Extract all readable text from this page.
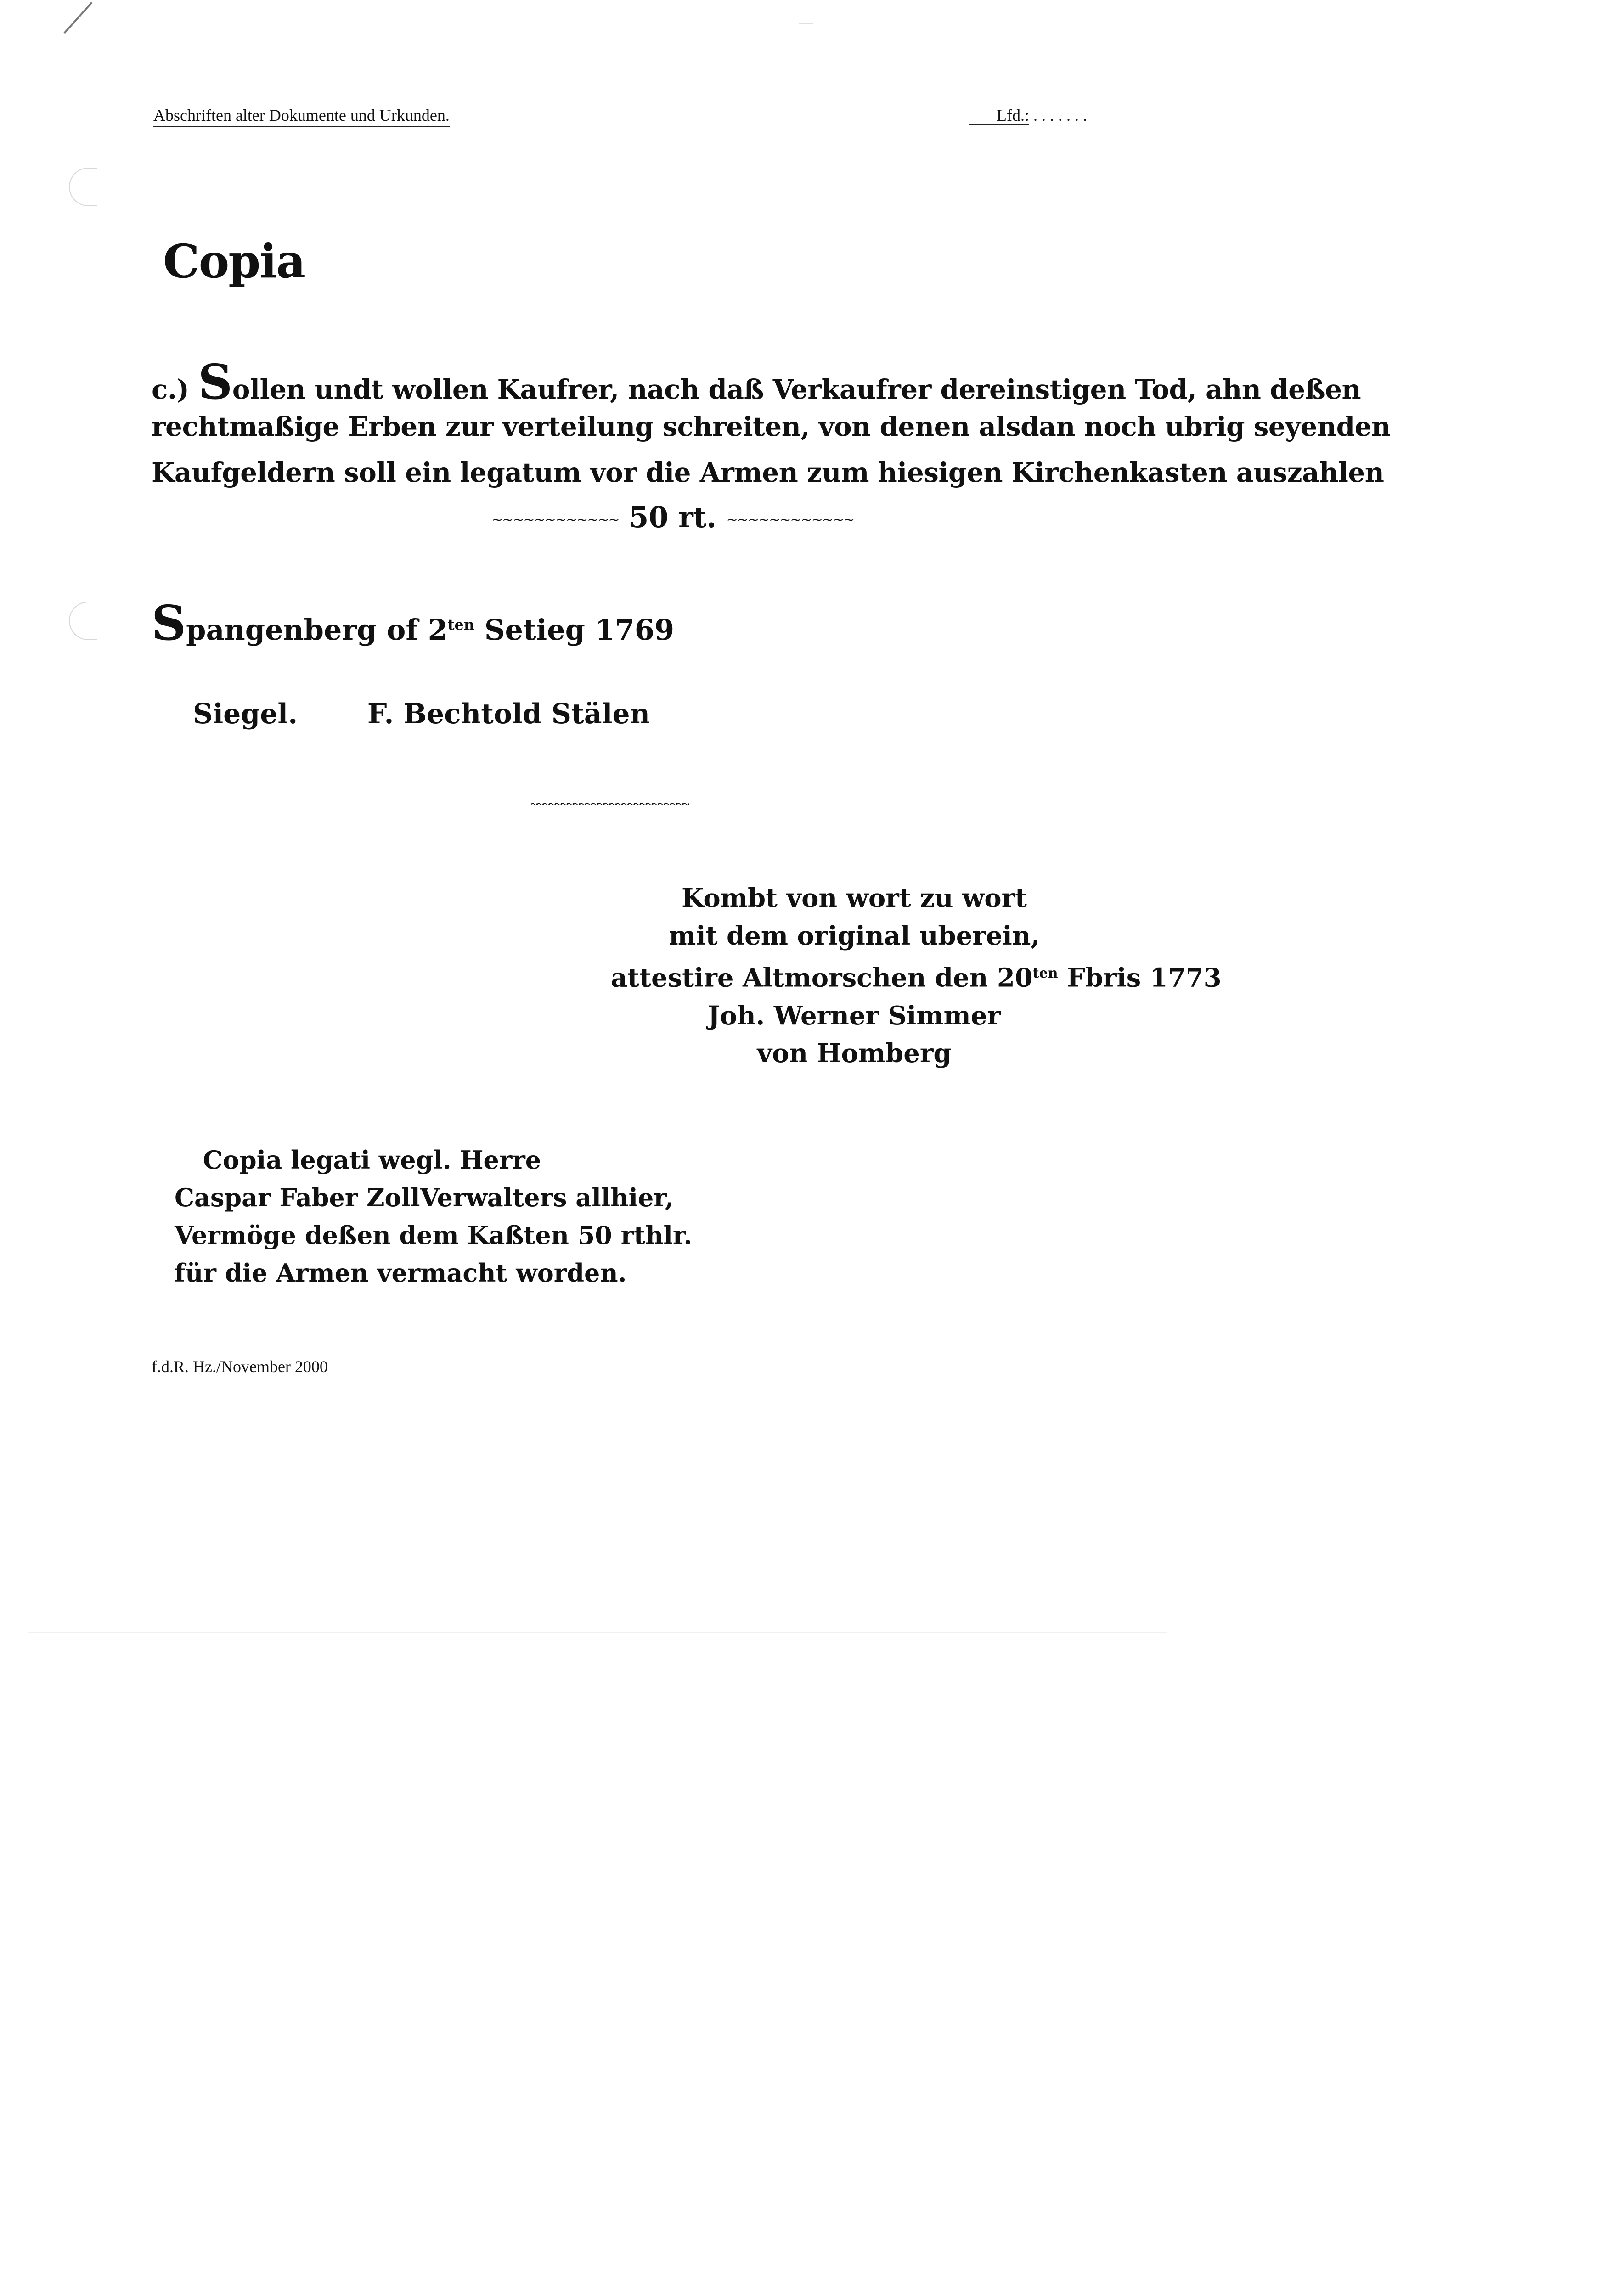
Abschriften alter Dokumente und Urkunden.	Lfd.: . . . . . . .
Copia
c.) Sollen undt wollen Kaufrer, nach daß Verkaufrer dereinstigen Tod, ahn deßen
rechtmaßige Erben zur verteilung schreiten, von denen alsdan noch ubrig seyenden
Kaufgeldern soll ein legatum vor die Armen zum hiesigen Kirchenkasten auszahlen
~~~~~~~~~~~~ 50 rt. ~~~~~~~~~~~~
Spangenberg of $2^{ten}$ Setieg 1769
Siegel.	F. Bechtold Stälen
~~~~~~~~~~~~~~~~~~~~~~~~~~
Kombt von wort zu wort
mit dem original uberein,
attestire Altmorschen den $20^{ten}$ Fbris 1773
Joh. Werner Simmer
von Homberg
Copia legati wegl. Herre
Caspar Faber ZollVerwalters allhier,
Vermöge deßen dem Kaßten 50 rthlr.
für die Armen vermacht worden.
f.d.R. Hz./November 2000
